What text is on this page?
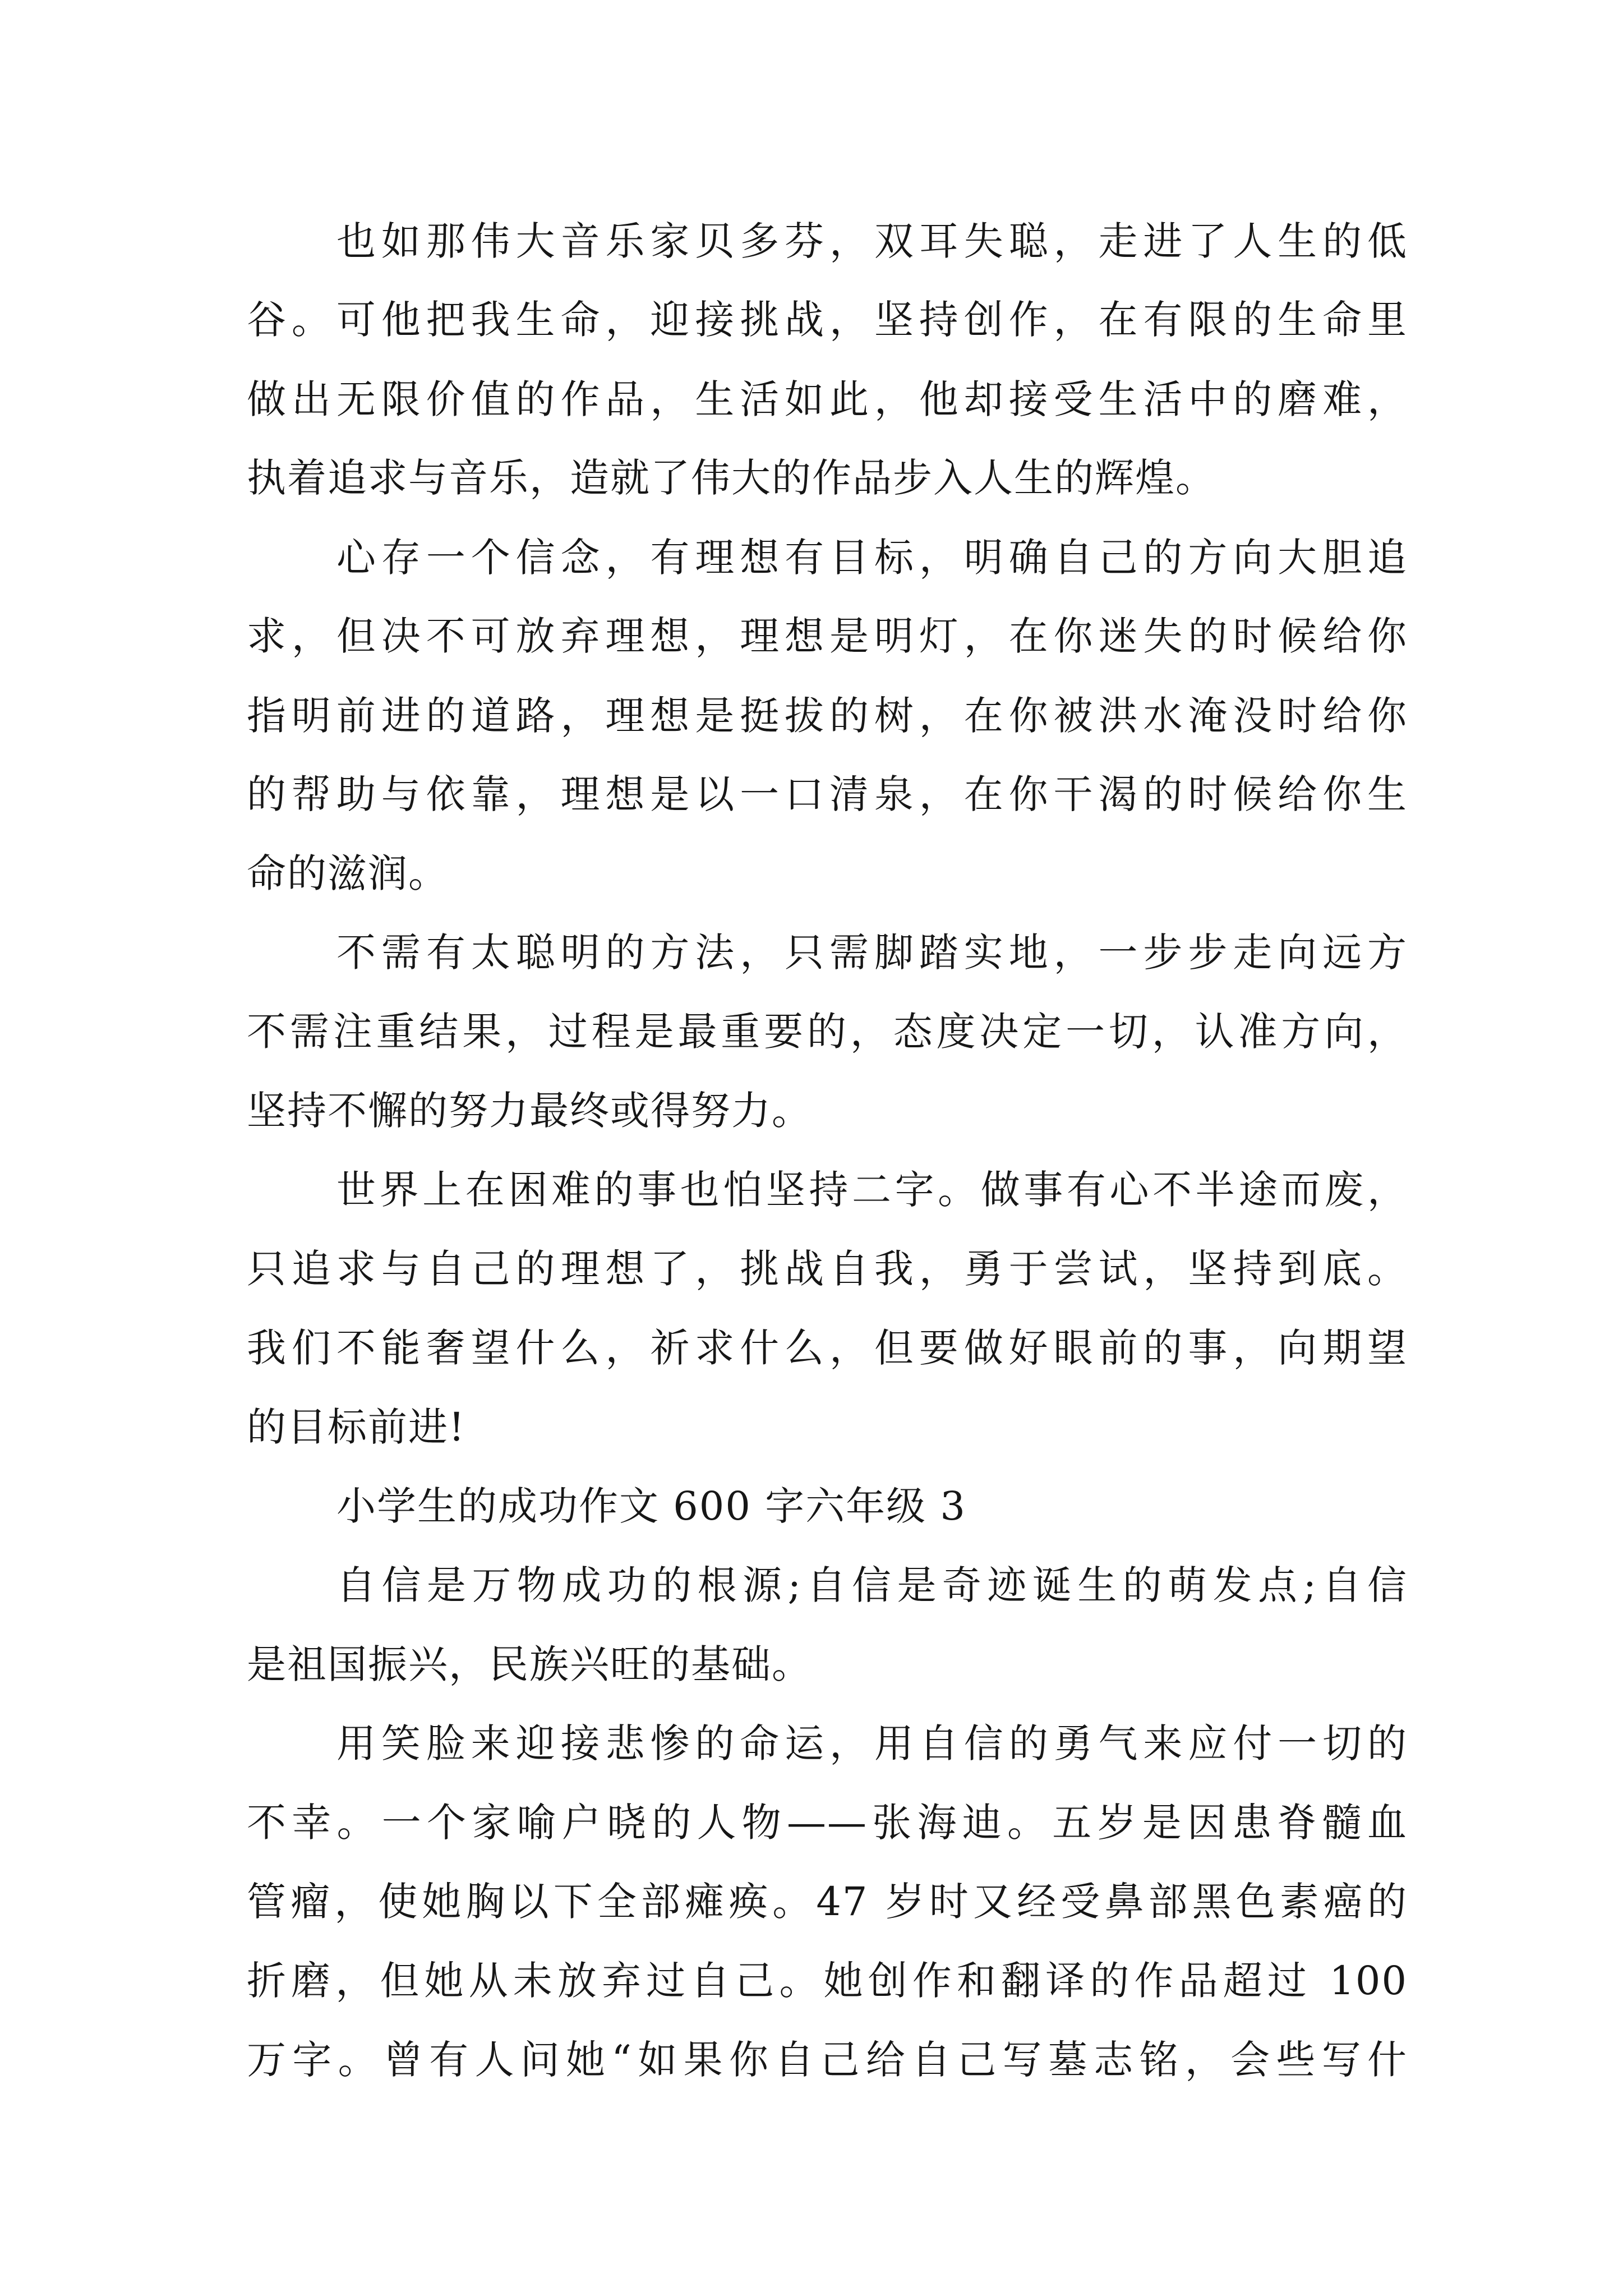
也如那伟大音乐家贝多芬，双耳失聪，走进了人生的低
谷。可他把我生命，迎接挑战，坚持创作，在有限的生命里
做出无限价值的作品，生活如此，他却接受生活中的磨难，
执着追求与音乐，造就了伟大的作品步入人生的辉煌。
心存一个信念，有理想有目标，明确自己的方向大胆追
求，但决不可放弃理想，理想是明灯，在你迷失的时候给你
指明前进的道路，理想是挺拔的树，在你被洪水淹没时给你
的帮助与依靠，理想是以一口清泉，在你干渴的时候给你生
命的滋润。
不需有太聪明的方法，只需脚踏实地，一步步走向远方
不需注重结果，过程是最重要的，态度决定一切，认准方向，
坚持不懈的努力最终或得努力。
世界上在困难的事也怕坚持二字。做事有心不半途而废，
只追求与自己的理想了，挑战自我，勇于尝试，坚持到底。
我们不能奢望什么，祈求什么，但要做好眼前的事，向期望
的目标前进!
小学生的成功作文 600 字六年级 3
自信是万物成功的根源;自信是奇迹诞生的萌发点;自信
是祖国振兴，民族兴旺的基础。
用笑脸来迎接悲惨的命运，用自信的勇气来应付一切的
不幸。一个家喻户晓的人物——张海迪。五岁是因患脊髓血
管瘤，使她胸以下全部瘫痪。47 岁时又经受鼻部黑色素癌的
折磨，但她从未放弃过自己。她创作和翻译的作品超过 100
万字。曾有人问她“如果你自己给自己写墓志铭，会些写什
